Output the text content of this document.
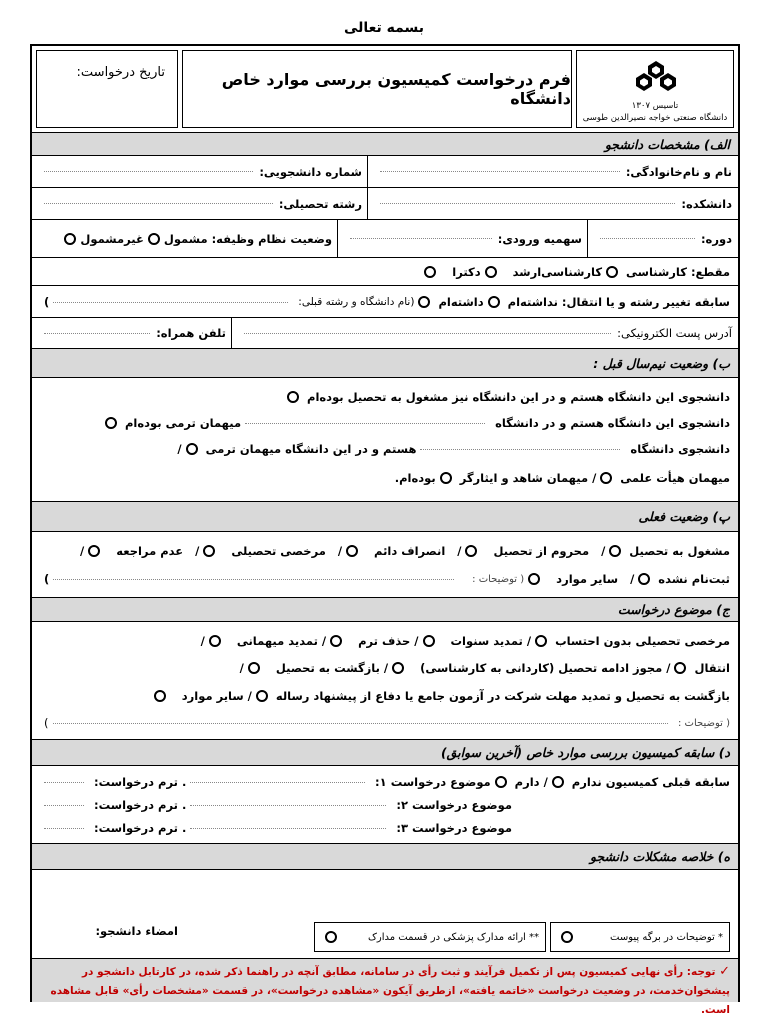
بسمه تعالی
تاسیس ۱۳۰۷
دانشگاه صنعتی خواجه نصیرالدین طوسی
فرم درخواست کمیسیون بررسی موارد خاص دانشگاه
تاریخ درخواست:
الف) مشخصات دانشجو
نام و نام‌خانوادگی:
شماره دانشجویی:
دانشکده:
رشته تحصیلی:
دوره:
سهمیه ورودی:
وضعیت نظام وظیفه: مشمول
غیرمشمول
مقطع: کارشناسی
کارشناسی‌ارشد
دکترا
سابقه تغییر رشته و یا انتقال: نداشته‌ام
داشته‌ام
(نام دانشگاه و رشته قبلی:
)
آدرس پست الکترونیکی:
تلفن همراه:
ب) وضعیت نیم‌سال قبل :
دانشجوی این دانشگاه هستم و در این دانشگاه نیز مشغول به تحصیل بوده‌ام
دانشجوی این دانشگاه هستم و در دانشگاه
میهمان ترمی بوده‌ام
دانشجوی دانشگاه
هستم و در این دانشگاه میهمان ترمی
/
میهمان هیأت علمی
/
میهمان شاهد و ایثارگر
بوده‌ام.
پ) وضعیت فعلی
مشغول به تحصیل
/
محروم از تحصیل
/
انصراف دائم
/
مرخصی تحصیلی
/
عدم مراجعه
/
ثبت‌نام نشده
/
سایر موارد
( توضیحات :
)
ج) موضوع درخواست
مرخصی تحصیلی بدون احتساب
/
تمدید سنوات
/
حذف ترم
/
تمدید میهمانی
/
انتقال
/
مجوز ادامه تحصیل (کاردانی به کارشناسی)
/
بازگشت به تحصیل
/
بازگشت به تحصیل و تمدید مهلت شرکت در آزمون جامع یا دفاع از پیشنهاد رساله
/
سایر موارد
( توضیحات :
)
د) سابقه کمیسیون بررسی موارد خاص (آخرین سوابق)
سابقه قبلی کمیسیون ندارم
/
دارم
موضوع درخواست ۱:
. ترم درخواست:
موضوع درخواست ۲:
. ترم درخواست:
موضوع درخواست ۳:
. ترم درخواست:
ه) خلاصه مشکلات دانشجو
* توضیحات در برگه پیوست
** ارائه مدارک پزشکی در قسمت مدارک
امضاء دانشجو:
✓ توجه: رأی نهایی کمیسیون پس از تکمیل فرآیند و ثبت رأی در سامانه، مطابق آنچه در راهنما ذکر شده، در کارتابل دانشجو در پیشخوان‌خدمت، در وضعیت درخواست «خاتمه یافته»، ازطریق آیکون «مشاهده درخواست»، در قسمت «مشخصات رأی» قابل مشاهده است.
